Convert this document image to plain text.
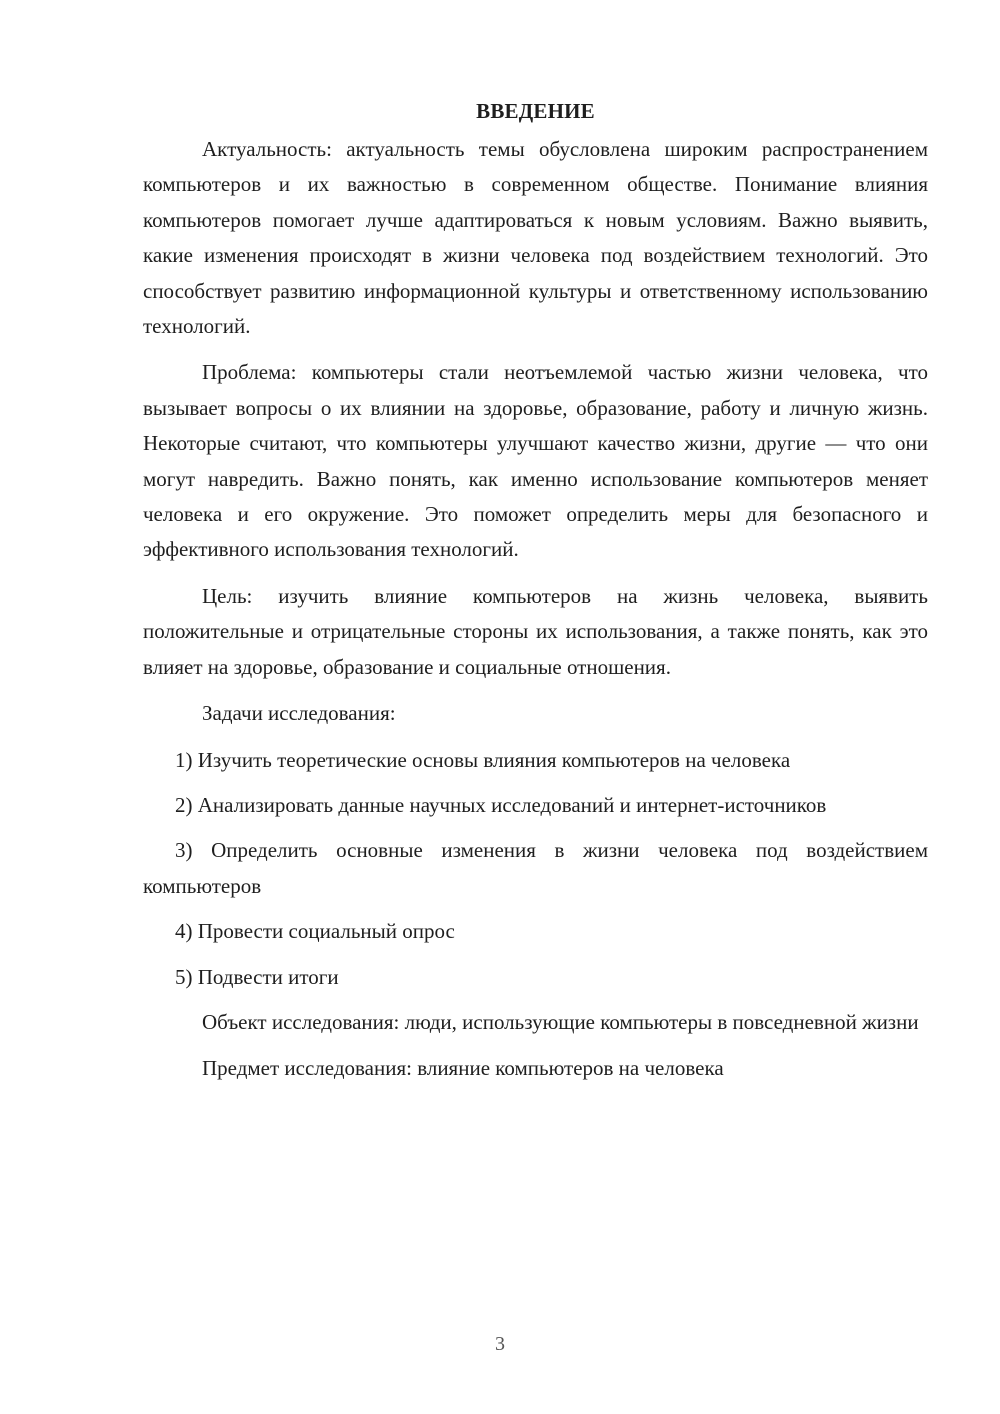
ВВЕДЕНИЕ

Актуальность: актуальность темы обусловлена широким распространением компьютеров и их важностью в современном обществе. Понимание влияния компьютеров помогает лучше адаптироваться к новым условиям. Важно выявить, какие изменения происходят в жизни человека под воздействием технологий. Это способствует развитию информационной культуры и ответственному использованию технологий.

Проблема: компьютеры стали неотъемлемой частью жизни человека, что вызывает вопросы о их влиянии на здоровье, образование, работу и личную жизнь. Некоторые считают, что компьютеры улучшают качество жизни, другие — что они могут навредить. Важно понять, как именно использование компьютеров меняет человека и его окружение. Это поможет определить меры для безопасного и эффективного использования технологий.

Цель: изучить влияние компьютеров на жизнь человека, выявить положительные и отрицательные стороны их использования, а также понять, как это влияет на здоровье, образование и социальные отношения.

Задачи исследования:

1) Изучить теоретические основы влияния компьютеров на человека

2) Анализировать данные научных исследований и интернет-источников

3) Определить основные изменения в жизни человека под воздействием компьютеров

4) Провести социальный опрос

5) Подвести итоги

Объект исследования: люди, использующие компьютеры в повседневной жизни

Предмет исследования: влияние компьютеров на человека

3
